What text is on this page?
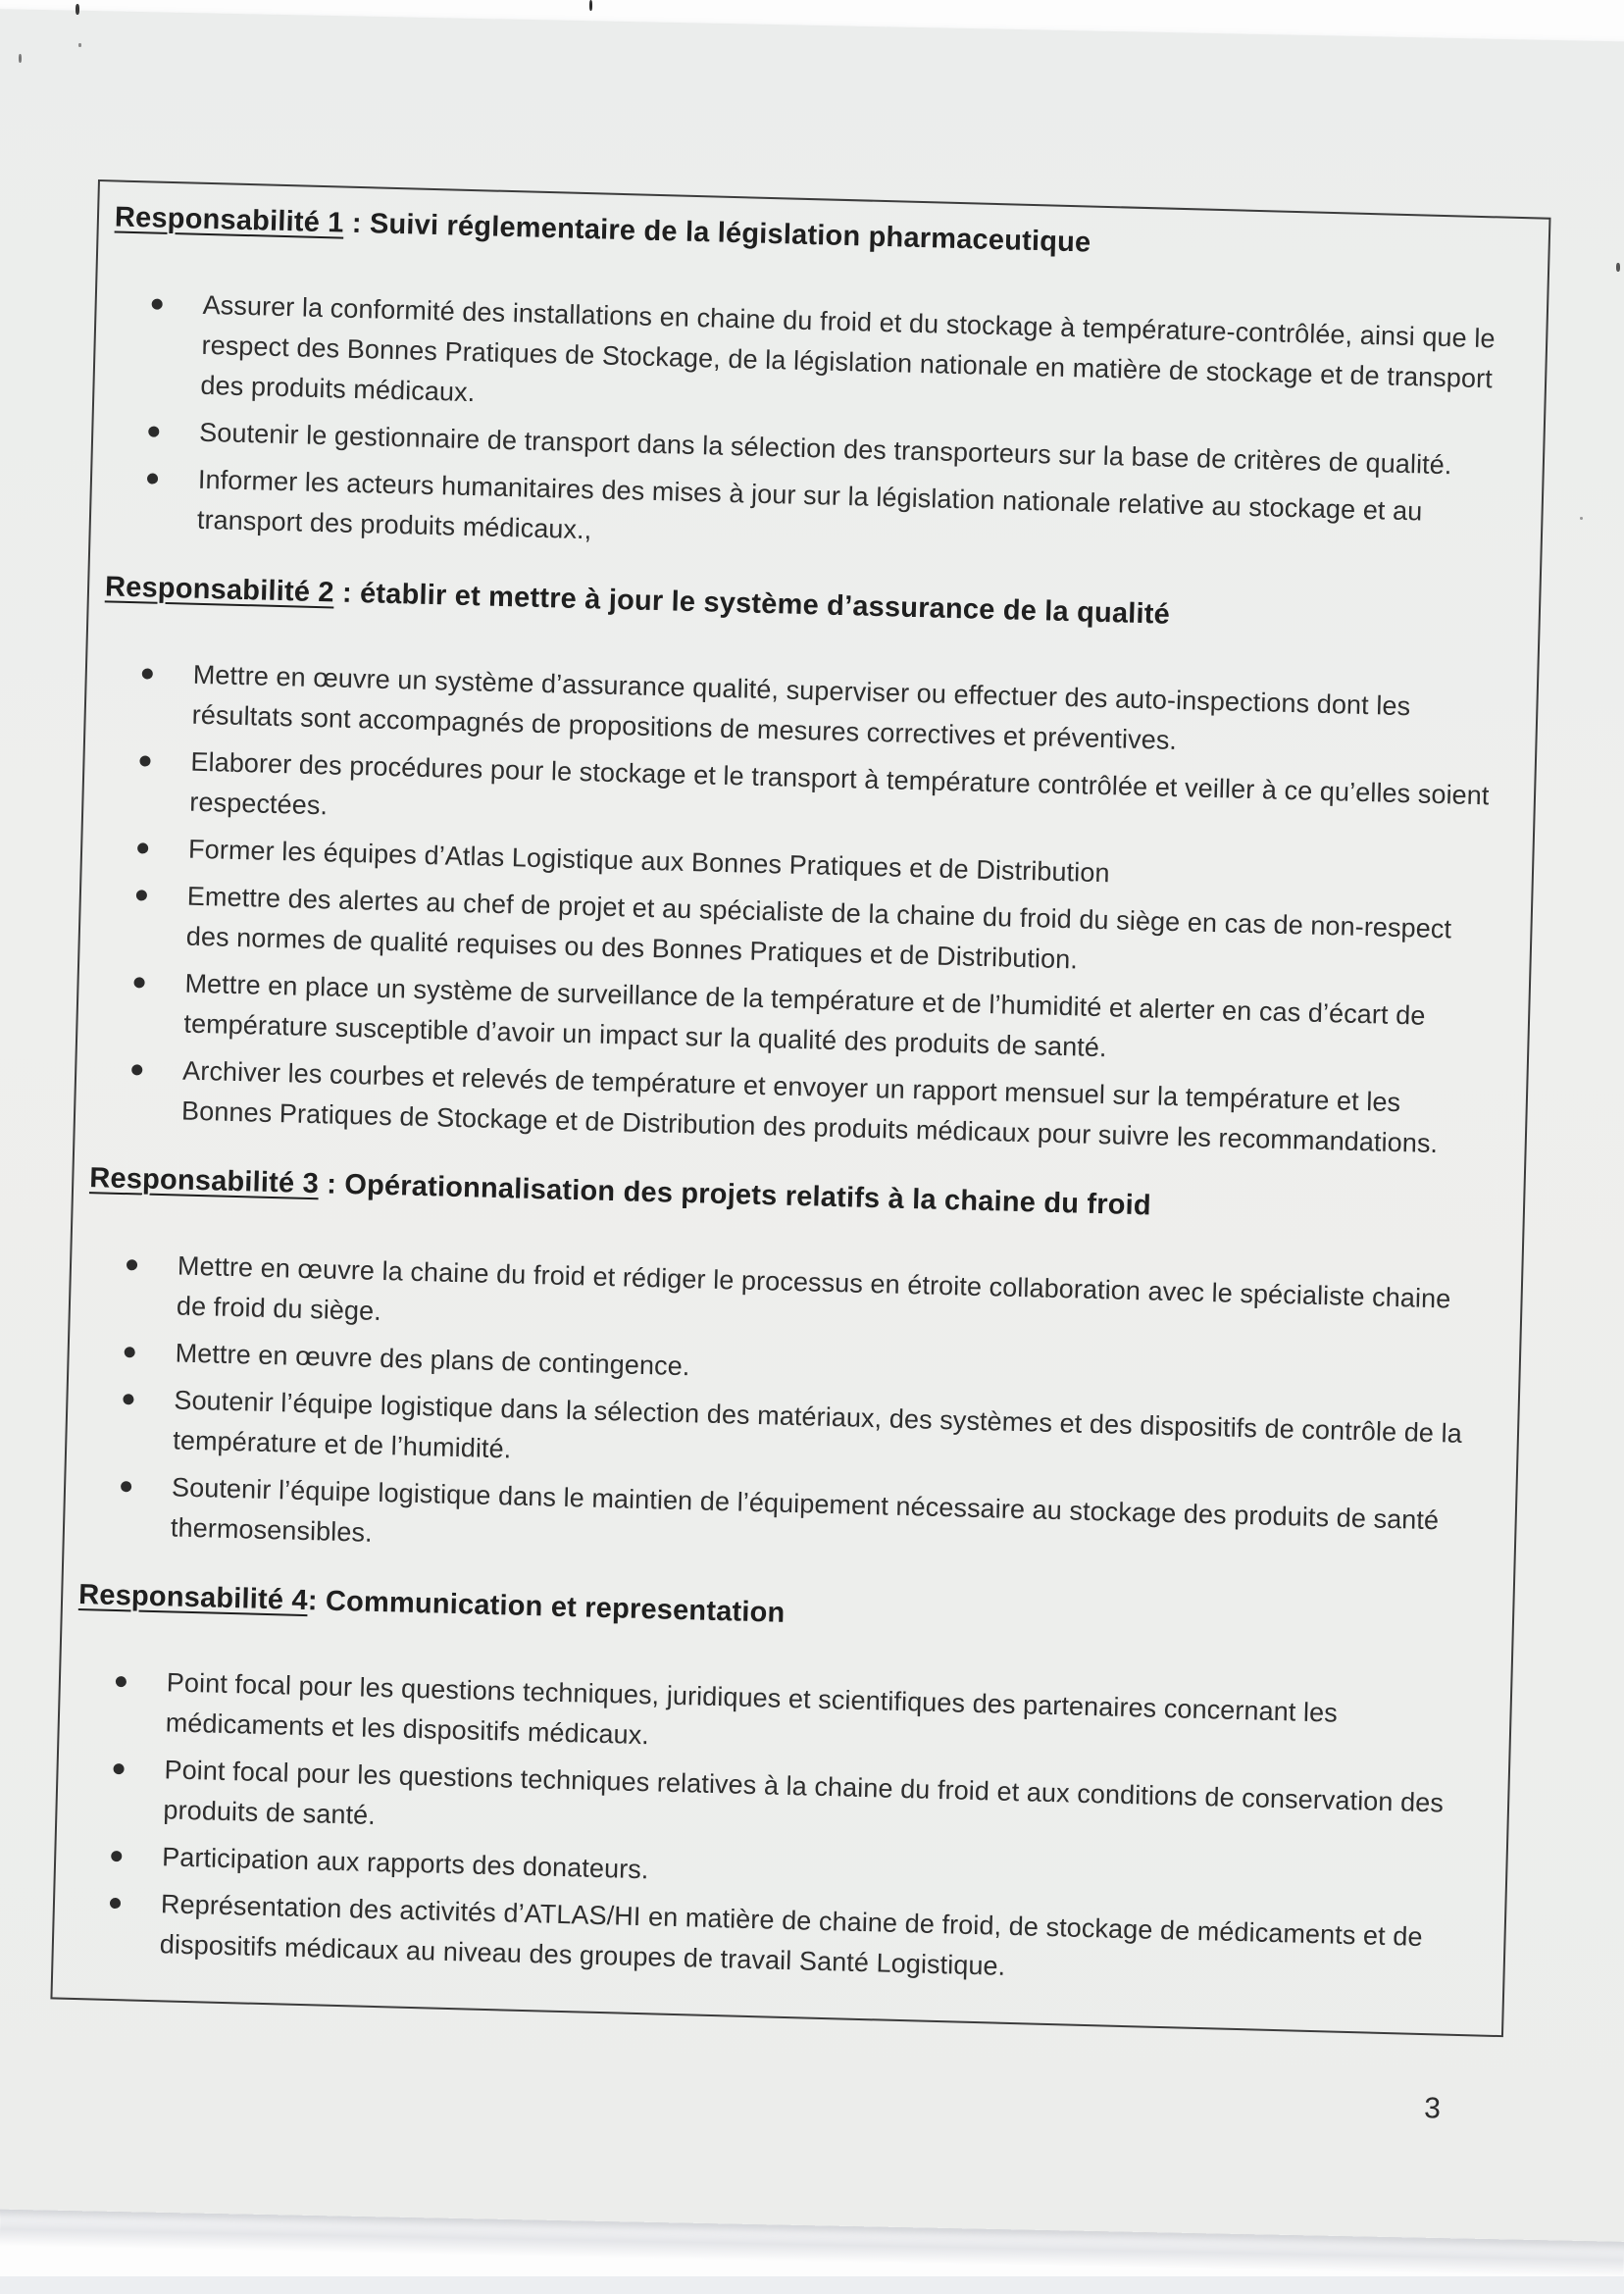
Responsabilité 1 : Suivi réglementaire de la législation pharmaceutique
Assurer la conformité des installations en chaine du froid et du stockage à température-contrôlée, ainsi que le respect des Bonnes Pratiques de Stockage, de la législation nationale en matière de stockage et de transport des produits médicaux.
Soutenir le gestionnaire de transport dans la sélection des transporteurs sur la base de critères de qualité.
Informer les acteurs humanitaires des mises à jour sur la législation nationale relative au stockage et au transport des produits médicaux.,
Responsabilité 2 : établir et mettre à jour le système d’assurance de la qualité
Mettre en œuvre un système d’assurance qualité, superviser ou effectuer des auto-inspections dont les résultats sont accompagnés de propositions de mesures correctives et préventives.
Elaborer des procédures pour le stockage et le transport à température contrôlée et veiller à ce qu’elles soient respectées.
Former les équipes d’Atlas Logistique aux Bonnes Pratiques et de Distribution
Emettre des alertes au chef de projet et au spécialiste de la chaine du froid du siège en cas de non-respect des normes de qualité requises ou des Bonnes Pratiques et de Distribution.
Mettre en place un système de surveillance de la température et de l’humidité et alerter en cas d’écart de température susceptible d’avoir un impact sur la qualité des produits de santé.
Archiver les courbes et relevés de température et envoyer un rapport mensuel sur la température et les Bonnes Pratiques de Stockage et de Distribution des produits médicaux pour suivre les recommandations.
Responsabilité 3 : Opérationnalisation des projets relatifs à la chaine du froid
Mettre en œuvre la chaine du froid et rédiger le processus en étroite collaboration avec le spécialiste chaine de froid du siège.
Mettre en œuvre des plans de contingence.
Soutenir l’équipe logistique dans la sélection des matériaux, des systèmes et des dispositifs de contrôle de la température et de l’humidité.
Soutenir l’équipe logistique dans le maintien de l’équipement nécessaire au stockage des produits de santé thermosensibles.
Responsabilité 4: Communication et representation
Point focal pour les questions techniques, juridiques et scientifiques des partenaires concernant les médicaments et les dispositifs médicaux.
Point focal pour les questions techniques relatives à la chaine du froid et aux conditions de conservation des produits de santé.
Participation aux rapports des donateurs.
Représentation des activités d’ATLAS/HI en matière de chaine de froid, de stockage de médicaments et de dispositifs médicaux au niveau des groupes de travail Santé Logistique.
3
